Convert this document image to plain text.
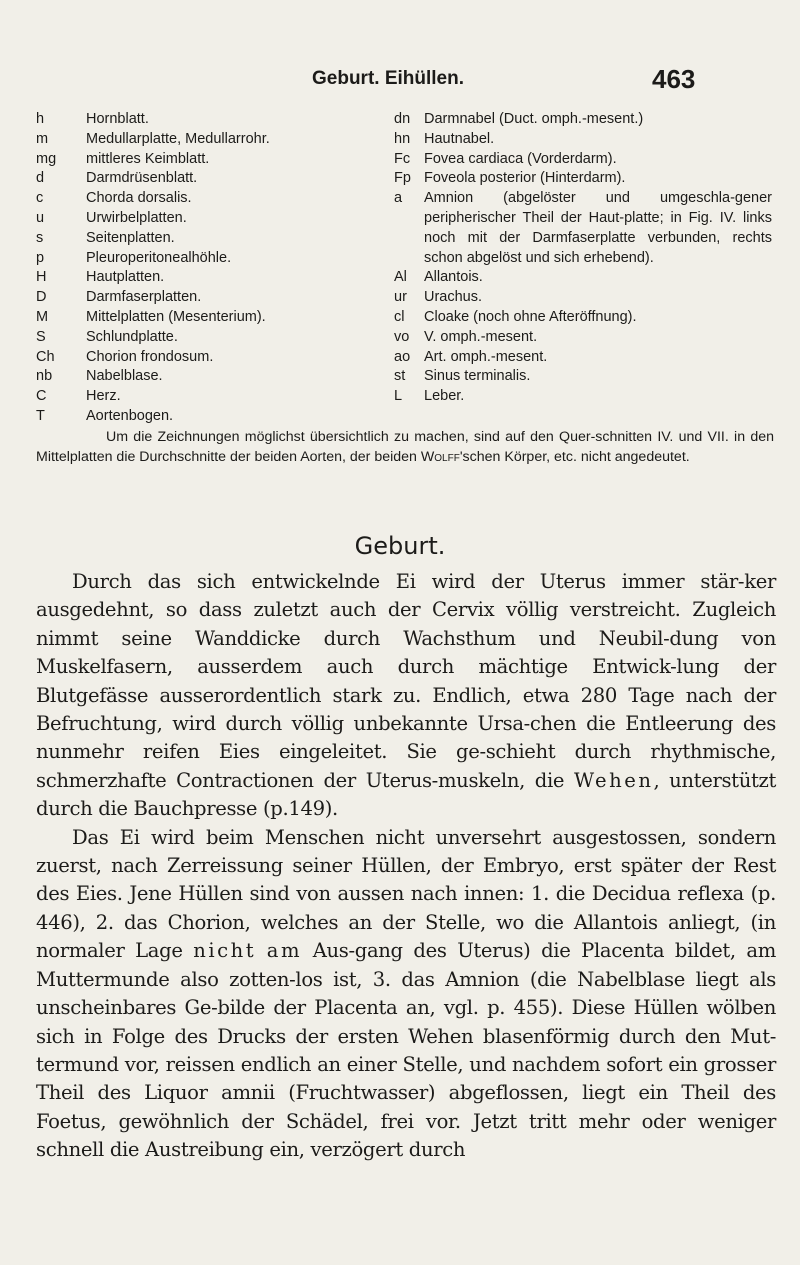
Geburt. Eihüllen.	463
h	Hornblatt.
m	Medullarplatte, Medullarrohr.
mg	mittleres Keimblatt.
d	Darmdrüsenblatt.
c	Chorda dorsalis.
u	Urwirbelplatten.
s	Seitenplatten.
p	Pleuroperitonealhöhle.
H	Hautplatten.
D	Darmfaserplatten.
M	Mittelplatten (Mesenterium).
S	Schlundplatte.
Ch	Chorion frondosum.
nb	Nabelblase.
C	Herz.
T	Aortenbogen.
dn Darmnabel (Duct. omph.-mesent.)
hn Hautnabel.
Fc Fovea cardiaca (Vorderdarm).
Fp Foveola posterior (Hinterdarm).
a	Amnion (abgelöster und umgeschla-gener peripherischer Theil der Haut-platte; in Fig. IV. links noch mit der Darmfaserplatte verbunden, rechts schon abgelöst und sich erhebend).
Al	Allantois.
ur	Urachus.
cl	Cloake (noch ohne Afteröffnung).
vo	V. omph.-mesent.
ao Art. omph.-mesent.
st	Sinus terminalis.
L	Leber.
Um die Zeichnungen möglichst übersichtlich zu machen, sind auf den Quer-schnitten IV. und VII. in den Mittelplatten die Durchschnitte der beiden Aorten, der beiden Wolff'schen Körper, etc. nicht angedeutet.
Geburt.

Durch das sich entwickelnde Ei wird der Uterus immer stär-ker ausgedehnt, so dass zuletzt auch der Cervix völlig verstreicht. Zugleich nimmt seine Wanddicke durch Wachsthum und Neubil-dung von Muskelfasern, ausserdem auch durch mächtige Entwick-lung der Blutgefässe ausserordentlich stark zu. Endlich, etwa 280 Tage nach der Befruchtung, wird durch völlig unbekannte Ursa-chen die Entleerung des nunmehr reifen Eies eingeleitet. Sie ge-schieht durch rhythmische, schmerzhafte Contractionen der Uterus-muskeln, die Wehen, unterstützt durch die Bauchpresse (p.149).

Das Ei wird beim Menschen nicht unversehrt ausgestossen, sondern zuerst, nach Zerreissung seiner Hüllen, der Embryo, erst später der Rest des Eies. Jene Hüllen sind von aussen nach innen: 1. die Decidua reflexa (p. 446), 2. das Chorion, welches an der Stelle, wo die Allantois anliegt, (in normaler Lage nicht am Aus-gang des Uterus) die Placenta bildet, am Muttermunde also zotten-los ist, 3. das Amnion (die Nabelblase liegt als unscheinbares Ge-bilde der Placenta an, vgl. p. 455). Diese Hüllen wölben sich in Folge des Drucks der ersten Wehen blasenförmig durch den Mut-termund vor, reissen endlich an einer Stelle, und nachdem sofort ein grosser Theil des Liquor amnii (Fruchtwasser) abgeflossen, liegt ein Theil des Foetus, gewöhnlich der Schädel, frei vor. Jetzt tritt mehr oder weniger schnell die Austreibung ein, verzögert durch
